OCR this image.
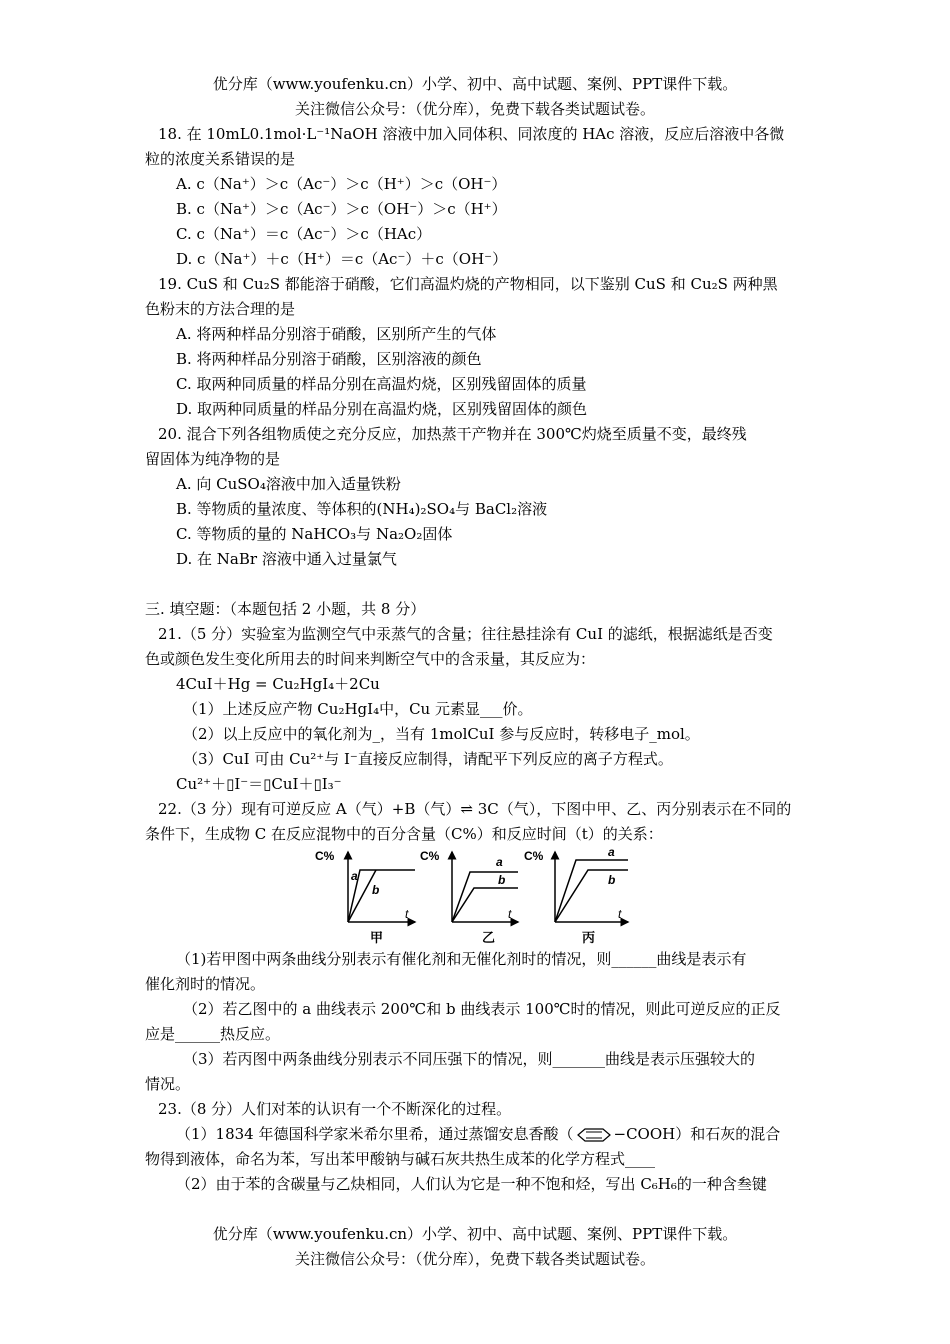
优分库（www.youfenku.cn）小学、初中、高中试题、案例、PPT课件下载。
关注微信公众号：（优分库），免费下载各类试题试卷。
18. 在 10mL0.1mol·L⁻¹NaOH 溶液中加入同体积、同浓度的 HAc 溶液，反应后溶液中各微
粒的浓度关系错误的是
A. c（Na⁺）＞c（Ac⁻）＞c（H⁺）＞c（OH⁻）
B. c（Na⁺）＞c（Ac⁻）＞c（OH⁻）＞c（H⁺）
C. c（Na⁺）＝c（Ac⁻）＞c（HAc）
D. c（Na⁺）＋c（H⁺）＝c（Ac⁻）＋c（OH⁻）
19. CuS 和 Cu₂S 都能溶于硝酸，它们高温灼烧的产物相同，以下鉴别 CuS 和 Cu₂S 两种黑
色粉末的方法合理的是
A. 将两种样品分别溶于硝酸，区别所产生的气体
B. 将两种样品分别溶于硝酸，区别溶液的颜色
C. 取两种同质量的样品分别在高温灼烧，区别残留固体的质量
D. 取两种同质量的样品分别在高温灼烧，区别残留固体的颜色
20. 混合下列各组物质使之充分反应，加热蒸干产物并在 300℃灼烧至质量不变，最终残
留固体为纯净物的是
A. 向 CuSO₄溶液中加入适量铁粉
B. 等物质的量浓度、等体积的(NH₄)₂SO₄与 BaCl₂溶液
C. 等物质的量的 NaHCO₃与 Na₂O₂固体
D. 在 NaBr 溶液中通入过量氯气
三. 填空题：（本题包括 2 小题，共 8 分）
21.（5 分）实验室为监测空气中汞蒸气的含量；往往悬挂涂有 CuI 的滤纸，根据滤纸是否变
色或颜色发生变化所用去的时间来判断空气中的含汞量，其反应为：
4CuI＋Hg = Cu₂HgI₄＋2Cu
（1）上述反应产物 Cu₂HgI₄中，Cu 元素显___价。
（2）以上反应中的氧化剂为_，当有 1molCuI 参与反应时，转移电子_mol。
（3）CuI 可由 Cu²⁺与 I⁻直接反应制得，请配平下列反应的离子方程式。
Cu²⁺＋▯I⁻＝▯CuI＋▯I₃⁻
22.（3 分）现有可逆反应 A（气）+B（气）⇌ 3C（气），下图中甲、乙、丙分别表示在不同的
条件下，生成物 C 在反应混物中的百分含量（C%）和反应时间（t）的关系：
C%
t
a
b
甲
C%
t
a
b
乙
C%
t
a
b
丙
（1)若甲图中两条曲线分别表示有催化剂和无催化剂时的情况，则______曲线是表示有
催化剂时的情况。
（2）若乙图中的 a 曲线表示 200℃和 b 曲线表示 100℃时的情况，则此可逆反应的正反
应是______热反应。
（3）若丙图中两条曲线分别表示不同压强下的情况，则_______曲线是表示压强较大的
情况。
23.（8 分）人们对苯的认识有一个不断深化的过程。
（1）1834 年德国科学家米希尔里希，通过蒸馏安息香酸（	−COOH）和石灰的混合
物得到液体，命名为苯，写出苯甲酸钠与碱石灰共热生成苯的化学方程式____
（2）由于苯的含碳量与乙炔相同，人们认为它是一种不饱和烃，写出 C₆H₆的一种含叁键
优分库（www.youfenku.cn）小学、初中、高中试题、案例、PPT课件下载。
关注微信公众号：（优分库），免费下载各类试题试卷。
